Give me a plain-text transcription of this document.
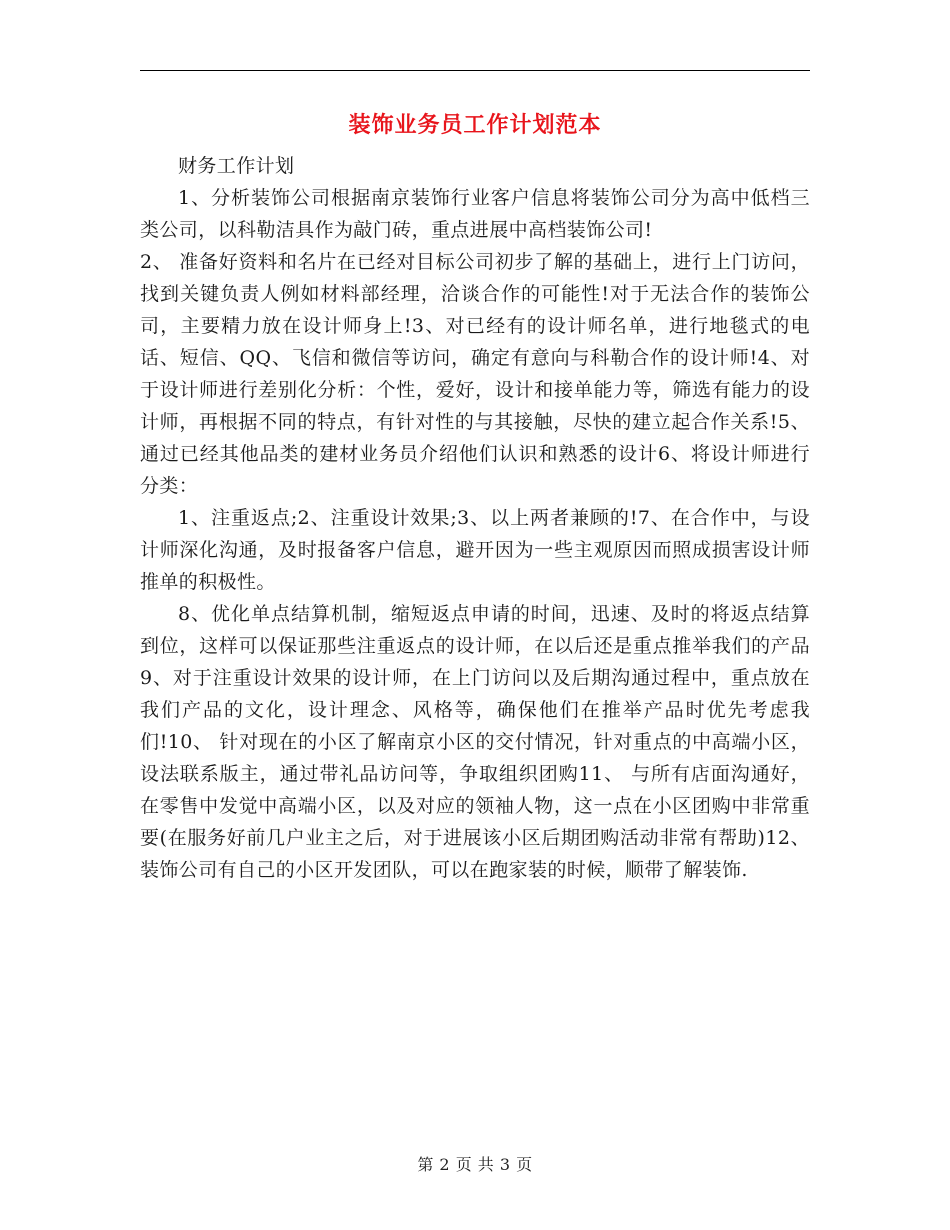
装饰业务员工作计划范本

财务工作计划

1、分析装饰公司根据南京装饰行业客户信息将装饰公司分为高中低档三类公司，以科勒洁具作为敲门砖，重点进展中高档装饰公司!

2、 准备好资料和名片在已经对目标公司初步了解的基础上，进行上门访问，找到关键负责人例如材料部经理，洽谈合作的可能性!对于无法合作的装饰公司，主要精力放在设计师身上!3、对已经有的设计师名单，进行地毯式的电话、短信、QQ、飞信和微信等访问，确定有意向与科勒合作的设计师!4、对于设计师进行差别化分析：个性，爱好，设计和接单能力等，筛选有能力的设计师，再根据不同的特点，有针对性的与其接触，尽快的建立起合作关系!5、通过已经其他品类的建材业务员介绍他们认识和熟悉的设计6、将设计师进行分类：

1、注重返点;2、注重设计效果;3、以上两者兼顾的!7、在合作中，与设计师深化沟通，及时报备客户信息，避开因为一些主观原因而照成损害设计师推单的积极性。

8、优化单点结算机制，缩短返点申请的时间，迅速、及时的将返点结算到位，这样可以保证那些注重返点的设计师，在以后还是重点推举我们的产品9、对于注重设计效果的设计师，在上门访问以及后期沟通过程中，重点放在我们产品的文化，设计理念、风格等，确保他们在推举产品时优先考虑我们!10、 针对现在的小区了解南京小区的交付情况，针对重点的中高端小区，设法联系版主，通过带礼品访问等，争取组织团购11、 与所有店面沟通好，在零售中发觉中高端小区，以及对应的领袖人物，这一点在小区团购中非常重要(在服务好前几户业主之后，对于进展该小区后期团购活动非常有帮助)12、 装饰公司有自己的小区开发团队，可以在跑家装的时候，顺带了解装饰.

第 2 页 共 3 页
